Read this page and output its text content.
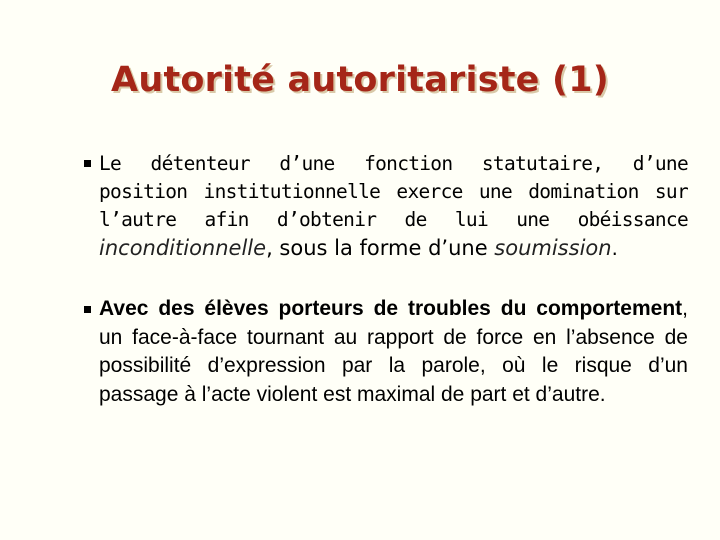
Autorité autoritariste (1)
Le détenteur d’une fonction statutaire, d’une position institutionnelle exerce une domination sur l’autre afin d’obtenir de lui une obéissance inconditionnelle, sous la forme d’une soumission.
Avec des élèves porteurs de troubles du comportement, un face-à-face tournant au rapport de force en l’absence de possibilité d’expression par la parole, où le risque d’un passage à l’acte violent est maximal de part et d’autre.
